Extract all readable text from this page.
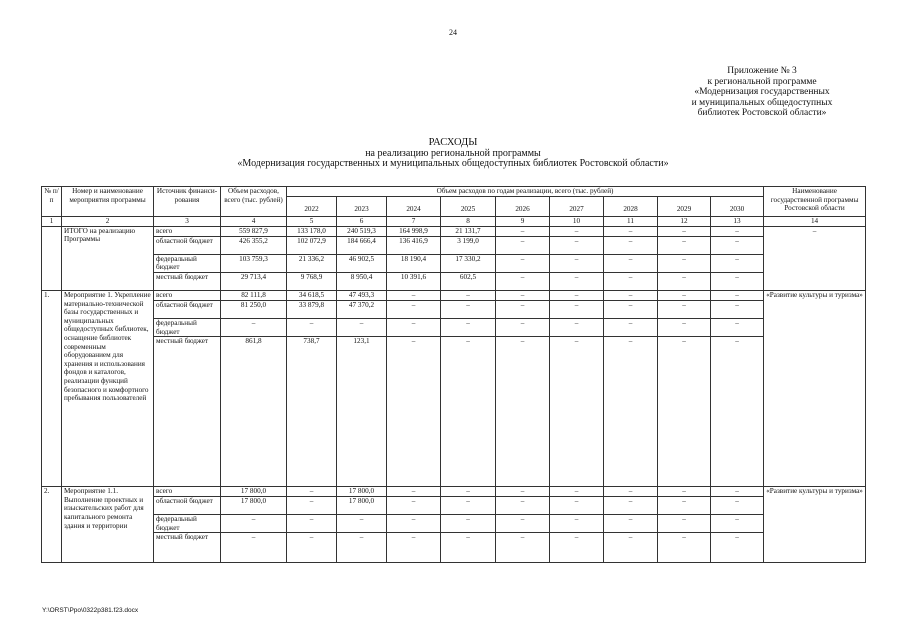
24
Приложение № 3
к региональной программе
«Модернизация государственных
и муниципальных общедоступных
библиотек Ростовской области»
РАСХОДЫ
на реализацию региональной программы
«Модернизация государственных и муниципальных общедоступных библиотек Ростовской области»
№ п/п	Номер и наименование мероприятия программы	Источник финанси-рования	Объем расходов, всего (тыс. рублей)	Объем расходов по годам реализации, всего (тыс. рублей)									Наименование государственной программы Ростовской области
				2022	2023	2024	2025	2026	2027	2028	2029	2030	
1	2	3	4	5	6	7	8	9	10	11	12	13	14
	ИТОГО на реализацию Программы	всего	559 827,9	133 178,0	240 519,3	164 998,9	21 131,7	–	–	–	–	–	–
		областной бюджет	426 355,2	102 072,9	184 666,4	136 416,9	3 199,0	–	–	–	–	–	
		федеральный бюджет	103 759,3	21 336,2	46 902,5	18 190,4	17 330,2	–	–	–	–	–	
		местный бюджет	29 713,4	9 768,9	8 950,4	10 391,6	602,5	–	–	–	–	–	
1.	Мероприятие 1. Укрепление материально-технической базы государственных и муниципальных общедоступных библиотек, оснащение библиотек современным оборудованием для хранения и использования фондов и каталогов, реализации функций безопасного и комфортного пребывания пользователей	всего	82 111,8	34 618,5	47 493,3	–	–	–	–	–	–	–	«Развитие культуры и туризма»
		областной бюджет	81 250,0	33 879,8	47 370,2	–	–	–	–	–	–	–	
		федеральный бюджет	–	–	–	–	–	–	–	–	–	–	
		местный бюджет	861,8	738,7	123,1	–	–	–	–	–	–	–	
2.	Мероприятие 1.1. Выполнение проектных и изыскательских работ для капитального ремонта здания и территории	всего	17 800,0	–	17 800,0	–	–	–	–	–	–	–	«Развитие культуры и туризма»
		областной бюджет	17 800,0	–	17 800,0	–	–	–	–	–	–	–	
		федеральный бюджет	–	–	–	–	–	–	–	–	–	–	
		местный бюджет	–	–	–	–	–	–	–	–	–	–	
Y:\ORST\Ppo\0322p381.f23.docx
